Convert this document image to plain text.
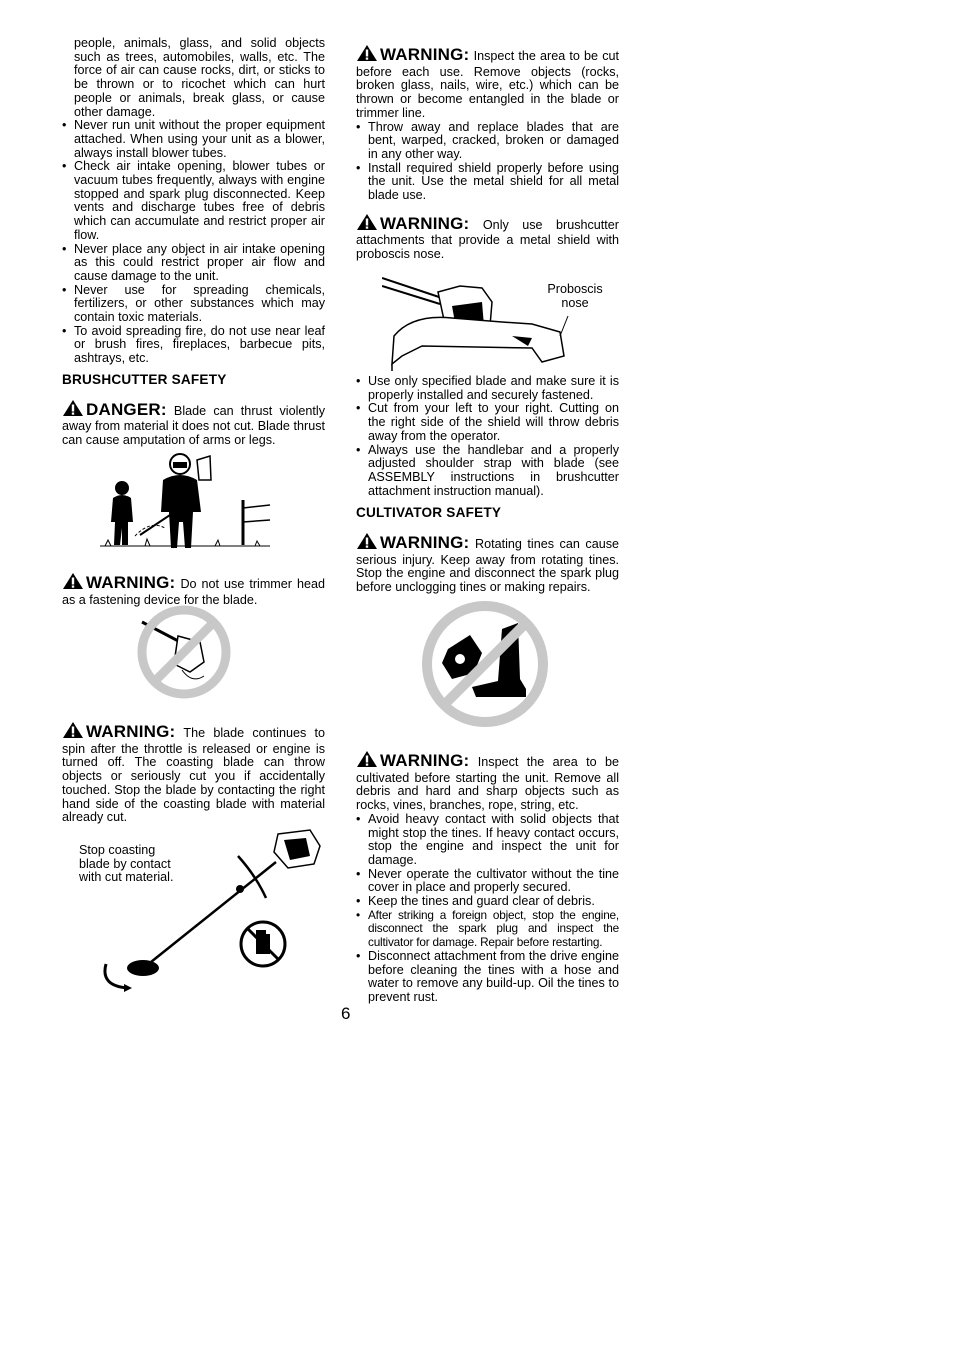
people, animals, glass, and solid objects such as trees, automobiles, walls, etc. The force of air can cause rocks, dirt, or sticks to be thrown or to ricochet which can hurt people or animals, break glass, or cause other damage.

• Never run unit without the proper equipment attached. When using your unit as a blower, always install blower tubes.
• Check air intake opening, blower tubes or vacuum tubes frequently, always with engine stopped and spark plug disconnected. Keep vents and discharge tubes free of debris which can accumulate and restrict proper air flow.
• Never place any object in air intake opening as this could restrict proper air flow and cause damage to the unit.
• Never use for spreading chemicals, fertilizers, or other substances which may contain toxic materials.
• To avoid spreading fire, do not use near leaf or brush fires, fireplaces, barbecue pits, ashtrays, etc.
BRUSHCUTTER SAFETY

DANGER: Blade can thrust violently away from material it does not cut. Blade thrust can cause amputation of arms or legs.

WARNING: Do not use trimmer head as a fastening device for the blade.

WARNING: The blade continues to spin after the throttle is released or engine is turned off. The coasting blade can throw objects or seriously cut you if accidentally touched. Stop the blade by contacting the right hand side of the coasting blade with material already cut.

Stop coasting
blade by contact
with cut material.

WARNING: Inspect the area to be cut before each use. Remove objects (rocks, broken glass, nails, wire, etc.) which can be thrown or become entangled in the blade or trimmer line.

• Throw away and replace blades that are bent, warped, cracked, broken or damaged in any other way.
• Install required shield properly before using the unit. Use the metal shield for all metal blade use.

WARNING: Only use brushcutter attachments that provide a metal shield with proboscis nose.

Proboscis
nose
• Use only specified blade and make sure it is properly installed and securely fastened.
• Cut from your left to your right. Cutting on the right side of the shield will throw debris away from the operator.
• Always use the handlebar and a properly adjusted shoulder strap with blade (see ASSEMBLY instructions in brushcutter attachment instruction manual).
CULTIVATOR SAFETY

WARNING: Rotating tines can cause serious injury. Keep away from rotating tines. Stop the engine and disconnect the spark plug before unclogging tines or making repairs.

WARNING: Inspect the area to be cultivated before starting the unit. Remove all debris and hard and sharp objects such as rocks, vines, branches, rope, string, etc.

• Avoid heavy contact with solid objects that might stop the tines. If heavy contact occurs, stop the engine and inspect the unit for damage.
• Never operate the cultivator without the tine cover in place and properly secured.
• Keep the tines and guard clear of debris.
• After striking a foreign object, stop the engine, disconnect the spark plug and inspect the cultivator for damage. Repair before restarting.
• Disconnect attachment from the drive engine before cleaning the tines with a hose and water to remove any build-up. Oil the tines to prevent rust.
6
